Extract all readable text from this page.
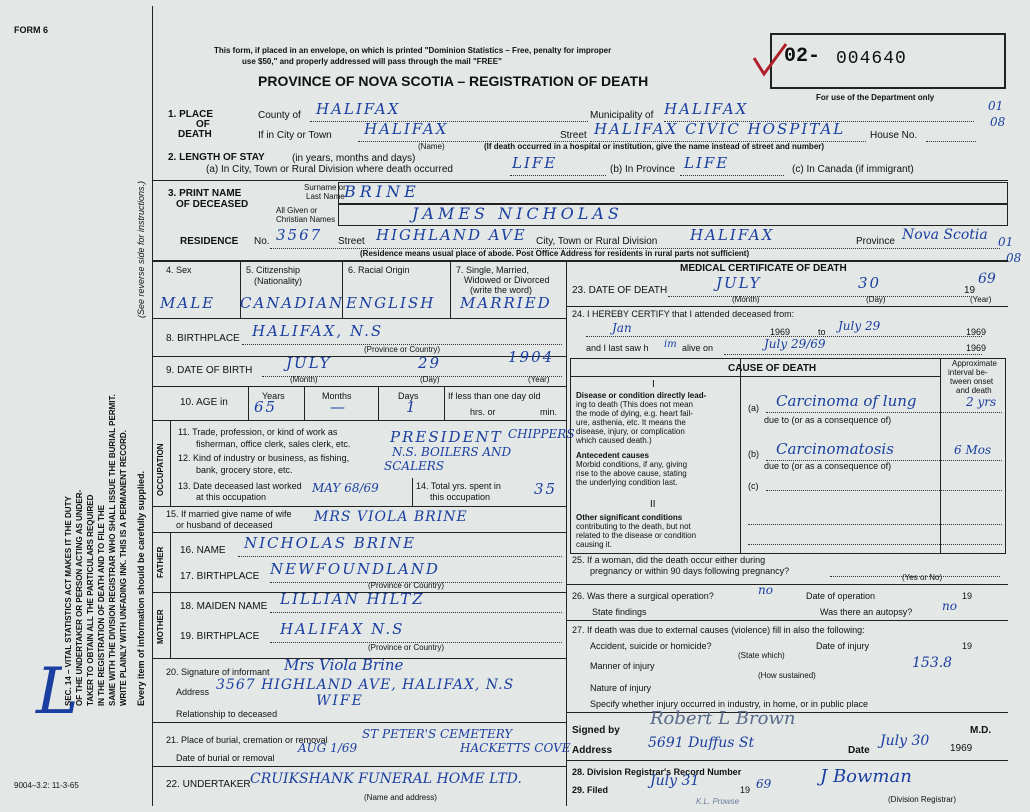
FORM 6
SEC. 14 – VITAL STATISTICS ACT MAKES IT THE DUTY OF THE UNDERTAKER OR PERSON ACTING AS UNDER- TAKER TO OBTAIN ALL THE PARTICULARS REQUIRED IN THE REGISTRATION OF DEATH AND TO FILE THE SAME WITH THE DIVISION REGISTRAR WHO SHALL ISSUE THE BURIAL PERMIT. WRITE PLAINLY WITH UNFADING INK. THIS IS A PERMANENT RECORD. Every item of information should be carefully supplied.
(See reverse side for instructions.)
L
9004–3.2: 11-3-65
This form, if placed in an envelope, on which is printed "Dominion Statistics – Free, penalty for improper
use $50," and properly addressed will pass through the mail "FREE"
PROVINCE OF NOVA SCOTIA – REGISTRATION OF DEATH
02- 004640
For use of the Department only
01
08
1. PLACE
OF
DEATH
County of HALIFAX	Municipality of HALIFAX
If in City or Town HALIFAX
(Name)
Street HALIFAX CIVIC HOSPITAL House No.
(If death occurred in a hospital or institution, give the name instead of street and number)
2. LENGTH OF STAY	(in years, months and days)
(a) In City, Town or Rural Division where death occurred	LIFE	(b) In Province LIFE	(c) In Canada (if immigrant)
3. PRINT NAME
OF DECEASED
Surname or
Last Name BRINE
All Given or
Christian Names	JAMES NICHOLAS
RESIDENCE No. 3567 Street HIGHLAND AVE City, Town or Rural Division HALIFAX	Province Nova Scotia 01
08
(Residence means usual place of abode. Post Office Address for residents in rural parts not sufficient)
4. Sex	5. Citizenship
(Nationality)
6. Racial Origin	7. Single, Married,
Widowed or Divorced
(write the word)
MALE CANADIAN ENGLISH MARRIED
8. BIRTHPLACE HALIFAX, N.S
(Province or Country)
9. DATE OF BIRTH JULY	29	1904
(Month)	(Day)	(Year)
10. AGE in
Years	Months	Days
65	—	1
If less than one day old
hrs. or	min.
OCCUPATION
11. Trade, profession, or kind of work as
fisherman, office clerk, sales clerk, etc.	PRESIDENT CHIPPERS
12. Kind of industry or business, as fishing,
bank, grocery store, etc.
N.S. BOILERS AND
SCALERS
13. Date deceased last worked
at this occupation
MAY 68/69	14. Total yrs. spent in
this occupation	35
15. If married give name of wife
or husband of deceased	MRS VIOLA BRINE
FATHER 16. NAME NICHOLAS BRINE
17. BIRTHPLACE NEWFOUNDLAND
(Province or Country)
MOTHER
18. MAIDEN NAME LILLIAN HILTZ
19. BIRTHPLACE HALIFAX N.S
(Province or Country)
20. Signature of informant Mrs Viola Brine
Address 3567 HIGHLAND AVE, HALIFAX, N.S
Relationship to deceased
WIFE
21. Place of burial, cremation or removal	ST PETER'S CEMETERY
HACKETTS COVE
Date of burial or removal
AUG 1/69
22. UNDERTAKER CRUIKSHANK FUNERAL HOME LTD.
(Name and address)
MEDICAL CERTIFICATE OF DEATH
23. DATE OF DEATH	JULY	30	19
69
(Month)	(Day)	(Year)
24. I HEREBY CERTIFY that I attended deceased from:
Jan	1969	to July 29	1969
and I last saw h im alive on	July 29/69	1969
CAUSE OF DEATH	Approximate
interval be-
tween onset
and death
I
Disease or condition directly lead-
ing to death (This does not mean
the mode of dying, e.g. heart fail-
ure, asthenia, etc. It means the
disease, injury, or complication
which caused death.)
(a) Carcinoma of lung	2 yrs
due to (or as a consequence of)
Antecedent causes
Morbid conditions, if any, giving
rise to the above cause, stating
the underlying condition last.
(b) Carcinomatosis	6 Mos
due to (or as a consequence of)
(c)
II
Other significant conditions
contributing to the death, but not
related to the disease or condition
causing it.
25. If a woman, did the death occur either during
pregnancy or within 90 days following pregnancy?
(Yes or No)
26. Was there a surgical operation?	no	Date of operation	19
State findings	Was there an autopsy? no
27. If death was due to external causes (violence) fill in also the following:
Accident, suicide or homicide?	Date of injury	19
(State which)
Manner of injury	153.8
(How sustained)
Nature of injury
Specify whether injury occurred in industry, in home, or in public place
Signed by
Robert L Brown
M.D.
Address	5691 Duffus St	Date
July 30 1969
28. Division Registrar's Record Number
29. Filed
July 31
19 69	J Bowman
(Division Registrar)
K.L. Prowse
